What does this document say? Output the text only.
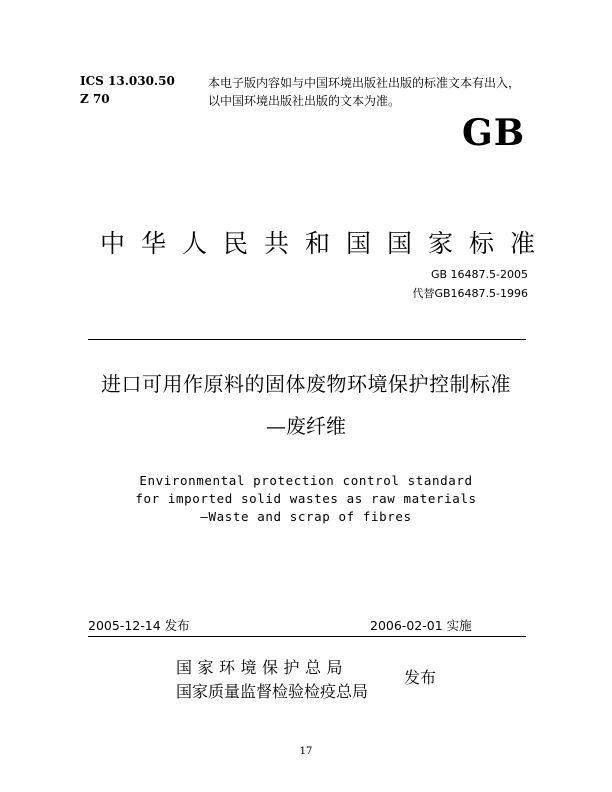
ICS 13.030.50
Z 70
本电子版内容如与中国环境出版社出版的标准文本有出入，
以中国环境出版社出版的文本为准。
GB
中华人民共和国国家标准
GB 16487.5-2005
代替GB16487.5-1996
进口可用作原料的固体废物环境保护控制标准
—废纤维
Environmental protection control standard
for imported solid wastes as raw materials
—Waste and scrap of fibres
2005-12-14 发布	2006-02-01 实施
国家环境保护总局
国家质量监督检验检疫总局
发布
17
